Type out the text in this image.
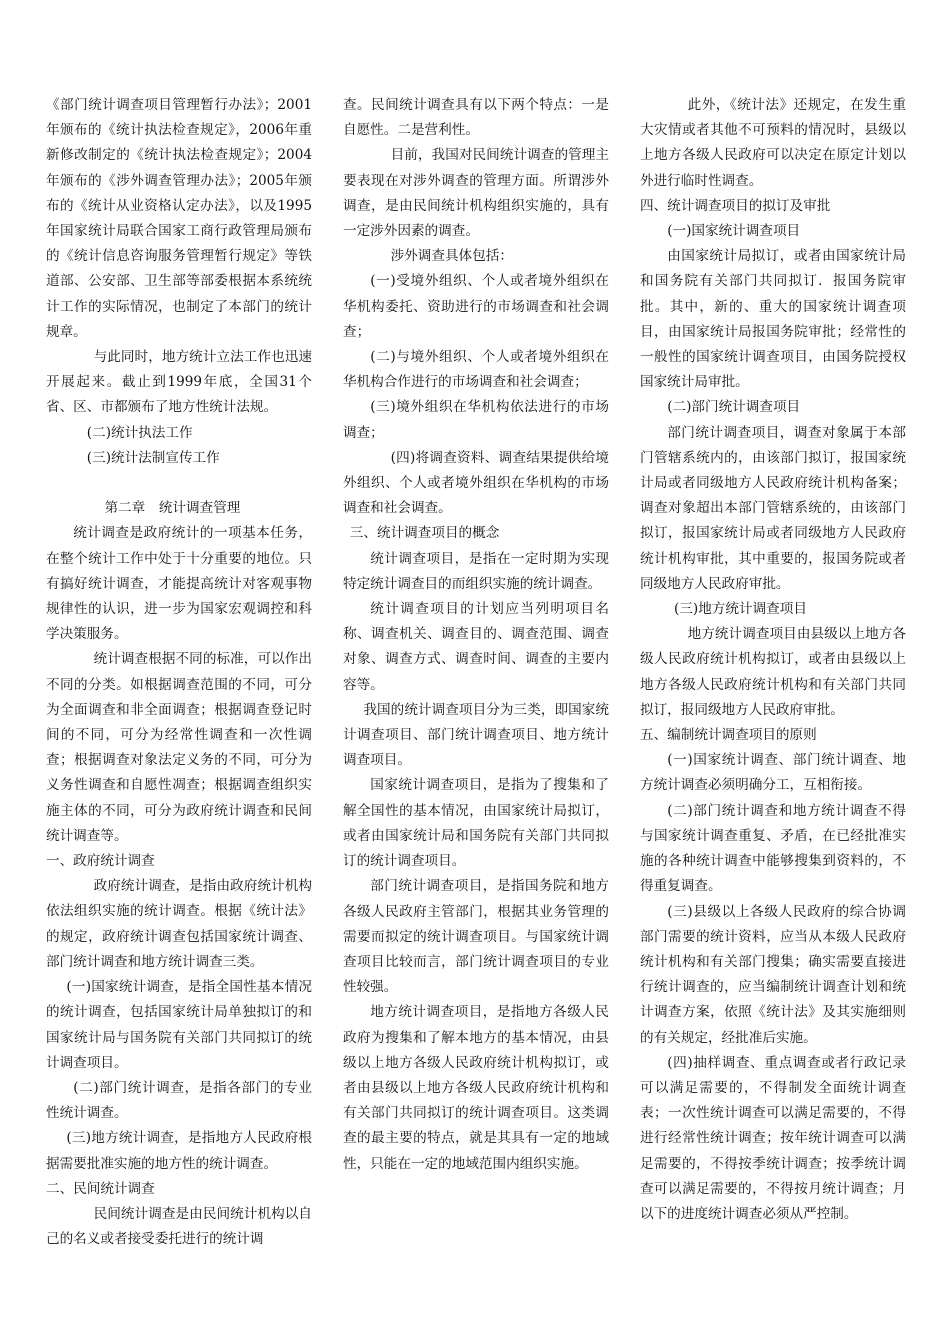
《部门统计调查项目管理暂行办法》；2001年颁布的《统计执法检查规定》，2006年重新修改制定的《统计执法检查规定》；2004年颁布的《涉外调查管理办法》；2005年颁布的《统计从业资格认定办法》，以及1995年国家统计局联合国家工商行政管理局颁布的《统计信息咨询服务管理暂行规定》等铁道部、公安部、卫生部等部委根据本系统统计工作的实际情况，也制定了本部门的统计规章。

与此同时，地方统计立法工作也迅速开展起来。截止到1999年底，全国31个省、区、市都颁布了地方性统计法规。

(二)统计执法工作

(三)统计法制宣传工作

第二章　统计调查管理

统计调查是政府统计的一项基本任务，在整个统计工作中处于十分重要的地位。只有搞好统计调查，才能提高统计对客观事物规律性的认识，进一步为国家宏观调控和科学决策服务。

统计调查根据不同的标准，可以作出不同的分类。如根据调查范围的不同，可分为全面调查和非全面调查；根据调查登记时间的不同，可分为经常性调查和一次性调查；根据调查对象法定义务的不同，可分为义务性调查和自愿性凋查；根据调查组织实施主体的不同，可分为政府统计调查和民间统计调查等。

一、政府统计调查

政府统计调查，是指由政府统计机构依法组织实施的统计调查。根据《统计法》的规定，政府统计调查包括国家统计调查、部门统计调查和地方统计调查三类。

(一)国家统计调查，是指全国性基本情况的统计调查，包括国家统计局单独拟订的和国家统计局与国务院有关部门共同拟订的统计调查项目。

(二)部门统计调查，是指各部门的专业性统计调查。

(三)地方统计调查，是指地方人民政府根据需要批准实施的地方性的统计调查。

二、民间统计调查

民间统计调查是由民间统计机构以自己的名义或者接受委托进行的统计调

查。民间统计调查具有以下两个特点：一是自愿性。二是营利性。

目前，我国对民间统计调查的管理主要表现在对涉外调查的管理方面。所谓涉外调查，是由民间统计机构组织实施的，具有一定涉外因素的调查。

涉外调查具体包括：

(一)受境外组织、个人或者境外组织在华机构委托、资助进行的市场调查和社会调查；

(二)与境外组织、个人或者境外组织在华机构合作进行的市场调查和社会调查；

(三)境外组织在华机构依法进行的市场调查；

(四)将调查资料、调查结果提供给境外组织、个人或者境外组织在华机构的市场调查和社会调查。

三、统计调查项目的概念

统计调查项目，是指在一定时期为实现特定统计调查目的而组织实施的统计调查。

统计调查项目的计划应当列明项目名称、调查机关、调查目的、调查范围、调查对象、调查方式、调查时间、调查的主要内容等。

我国的统计调查项目分为三类，即国家统计调查项目、部门统计调查项目、地方统计调查项目。

国家统计调查项目，是指为了搜集和了解全国性的基本情况，由国家统计局拟订，或者由国家统计局和国务院有关部门共同拟订的统计调查项目。

部门统计调查项目，是指国务院和地方各级人民政府主管部门，根据其业务管理的需要而拟定的统计调查项目。与国家统计调查项目比较而言，部门统计调查项目的专业性较强。

地方统计调查项目，是指地方各级人民政府为搜集和了解本地方的基本情况，由县级以上地方各级人民政府统计机构拟订，或者由县级以上地方各级人民政府统计机构和有关部门共同拟订的统计调查项目。这类调查的最主要的特点，就是其具有一定的地域性，只能在一定的地域范围内组织实施。

此外，《统计法》还规定，在发生重大灾情或者其他不可预料的情况时，县级以上地方各级人民政府可以决定在原定计划以外进行临时性调查。

四、统计调查项目的拟订及审批

(一)国家统计调查项目

由国家统计局拟订，或者由国家统计局和国务院有关部门共同拟订．报国务院审批。其中，新的、重大的国家统计调查项目，由国家统计局报国务院审批；经常性的一般性的国家统计调查项目，由国务院授权国家统计局审批。

(二)部门统计调查项目

部门统计调查项目，调查对象属于本部门管辖系统内的，由该部门拟订，报国家统计局或者同级地方人民政府统计机构备案；调查对象超出本部门管辖系统的，由该部门拟订，报国家统计局或者同级地方人民政府统计机构审批，其中重要的，报国务院或者同级地方人民政府审批。

(三)地方统计调查项目

地方统计调查项目由县级以上地方各级人民政府统计机构拟订，或者由县级以上地方各级人民政府统计机构和有关部门共同拟订，报同级地方人民政府审批。

五、编制统计调查项目的原则

(一)国家统计调查、部门统计调查、地方统计调查必须明确分工，互相衔接。

(二)部门统计调查和地方统计调查不得与国家统计调查重复、矛盾，在已经批准实施的各种统计调查中能够搜集到资料的，不得重复调查。

(三)县级以上各级人民政府的综合协调部门需要的统计资料，应当从本级人民政府统计机构和有关部门搜集；确实需要直接进行统计调查的，应当编制统计调查计划和统计调查方案，依照《统计法》及其实施细则的有关规定，经批准后实施。

(四)抽样调查、重点调查或者行政记录可以满足需要的，不得制发全面统计调查表；一次性统计调查可以满足需要的，不得进行经常性统计调查；按年统计调查可以满足需要的，不得按季统计调查；按季统计调查可以满足需要的，不得按月统计调查；月以下的进度统计调查必须从严控制。
